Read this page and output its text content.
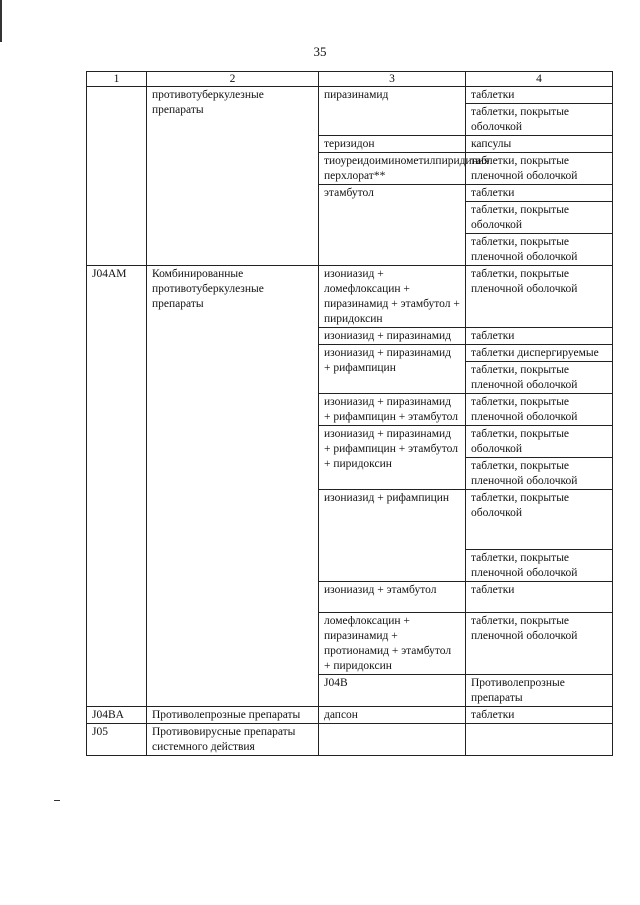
35
1	2	3	4	
	противотуберкулезные препараты	пиразинамид	таблетки	
			таблетки, покрытые оболочкой	
		теризидон	капсулы	
		тиоуреидоиминометилпиридиния перхлорат**	таблетки, покрытые пленочной оболочкой	
		этамбутол	таблетки	
			таблетки, покрытые оболочкой	
			таблетки, покрытые пленочной оболочкой	
J04AM	Комбинированные противотуберкулезные препараты	изониазид + ломефлоксацин + пиразинамид + этамбутол + пиридоксин	таблетки, покрытые пленочной оболочкой	
		изониазид + пиразинамид	таблетки	
		изониазид + пиразинамид + рифампицин	таблетки диспергируемые	
			таблетки, покрытые пленочной оболочкой	
		изониазид + пиразинамид + рифампицин + этамбутол	таблетки, покрытые пленочной оболочкой	
		изониазид + пиразинамид + рифампицин + этамбутол + пиридоксин	таблетки, покрытые оболочкой	
			таблетки, покрытые пленочной оболочкой	
		изониазид + рифампицин	таблетки, покрытые оболочкой	
			таблетки, покрытые пленочной оболочкой	
		изониазид + этамбутол	таблетки	
		ломефлоксацин + пиразинамид + протионамид + этамбутол + пиридоксин	таблетки, покрытые пленочной оболочкой	
		J04B	Противолепрозные препараты		
J04BA	Противолепрозные препараты	дапсон	таблетки	
J05	Противовирусные препараты системного действия			
